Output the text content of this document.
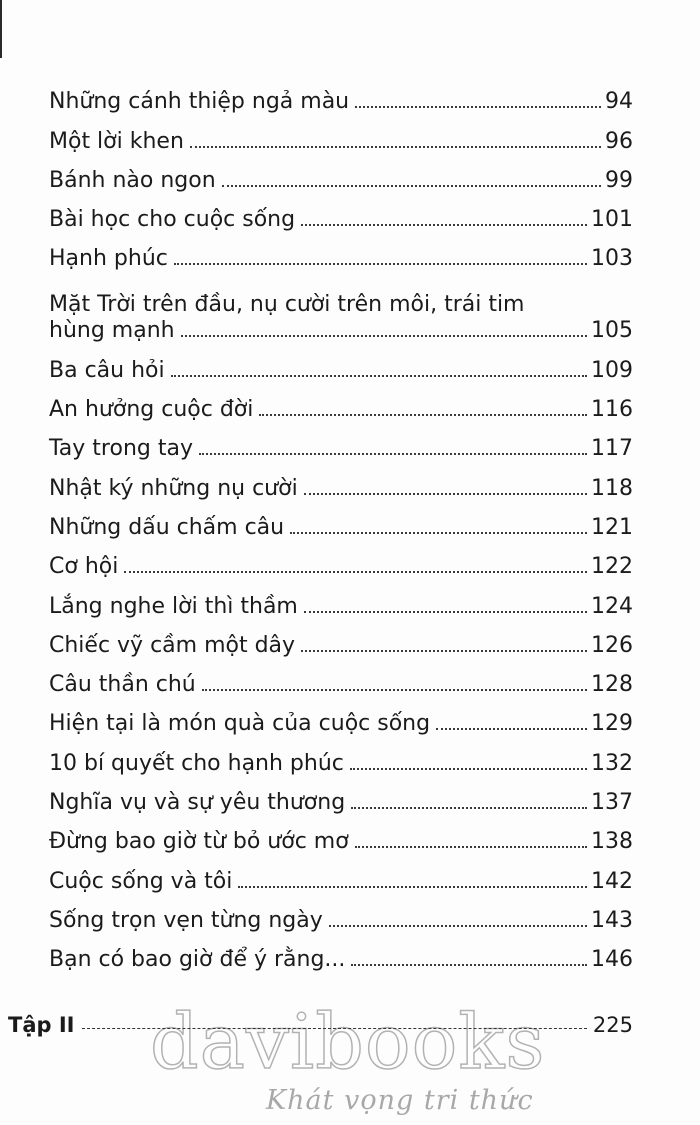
Những cánh thiệp ngả màu	94
Một lời khen	96
Bánh nào ngon	99
Bài học cho cuộc sống	101
Hạnh phúc	103
Mặt Trời trên đầu, nụ cười trên môi, trái tim
hùng mạnh	105
Ba câu hỏi	109
An hưởng cuộc đời	116
Tay trong tay	117
Nhật ký những nụ cười	118
Những dấu chấm câu	121
Cơ hội	122
Lắng nghe lời thì thầm	124
Chiếc vỹ cầm một dây	126
Câu thần chú	128
Hiện tại là món quà của cuộc sống	129
10 bí quyết cho hạnh phúc	132
Nghĩa vụ và sự yêu thương	137
Đừng bao giờ từ bỏ ước mơ	138
Cuộc sống và tôi	142
Sống trọn vẹn từng ngày	143
Bạn có bao giờ để ý rằng...	146
davibooks
Khát vọng tri thức
Tập II	225
